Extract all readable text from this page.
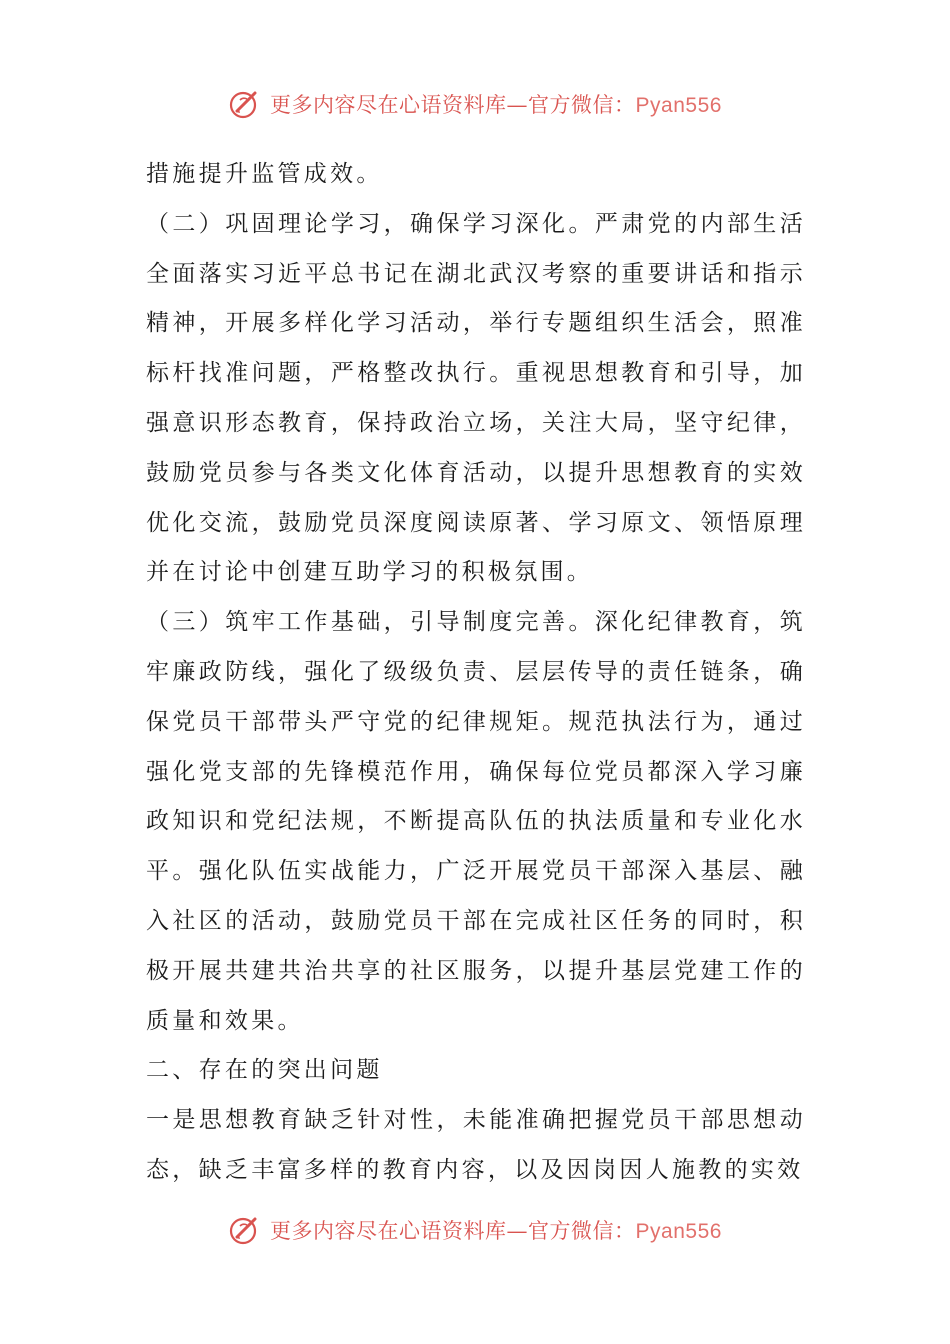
更多内容尽在心语资料库—官方微信：Pyan556

措施提升监管成效。

（二）巩固理论学习，确保学习深化。严肃党的内部生活全面落实习近平总书记在湖北武汉考察的重要讲话和指示精神，开展多样化学习活动，举行专题组织生活会，照准标杆找准问题，严格整改执行。重视思想教育和引导，加强意识形态教育，保持政治立场，关注大局，坚守纪律，鼓励党员参与各类文化体育活动，以提升思想教育的实效优化交流，鼓励党员深度阅读原著、学习原文、领悟原理并在讨论中创建互助学习的积极氛围。

（三）筑牢工作基础，引导制度完善。深化纪律教育，筑牢廉政防线，强化了级级负责、层层传导的责任链条，确保党员干部带头严守党的纪律规矩。规范执法行为，通过强化党支部的先锋模范作用，确保每位党员都深入学习廉政知识和党纪法规，不断提高队伍的执法质量和专业化水平。强化队伍实战能力，广泛开展党员干部深入基层、融入社区的活动，鼓励党员干部在完成社区任务的同时，积极开展共建共治共享的社区服务，以提升基层党建工作的质量和效果。

二、存在的突出问题

一是思想教育缺乏针对性，未能准确把握党员干部思想动态，缺乏丰富多样的教育内容，以及因岗因人施教的实效

更多内容尽在心语资料库—官方微信：Pyan556
